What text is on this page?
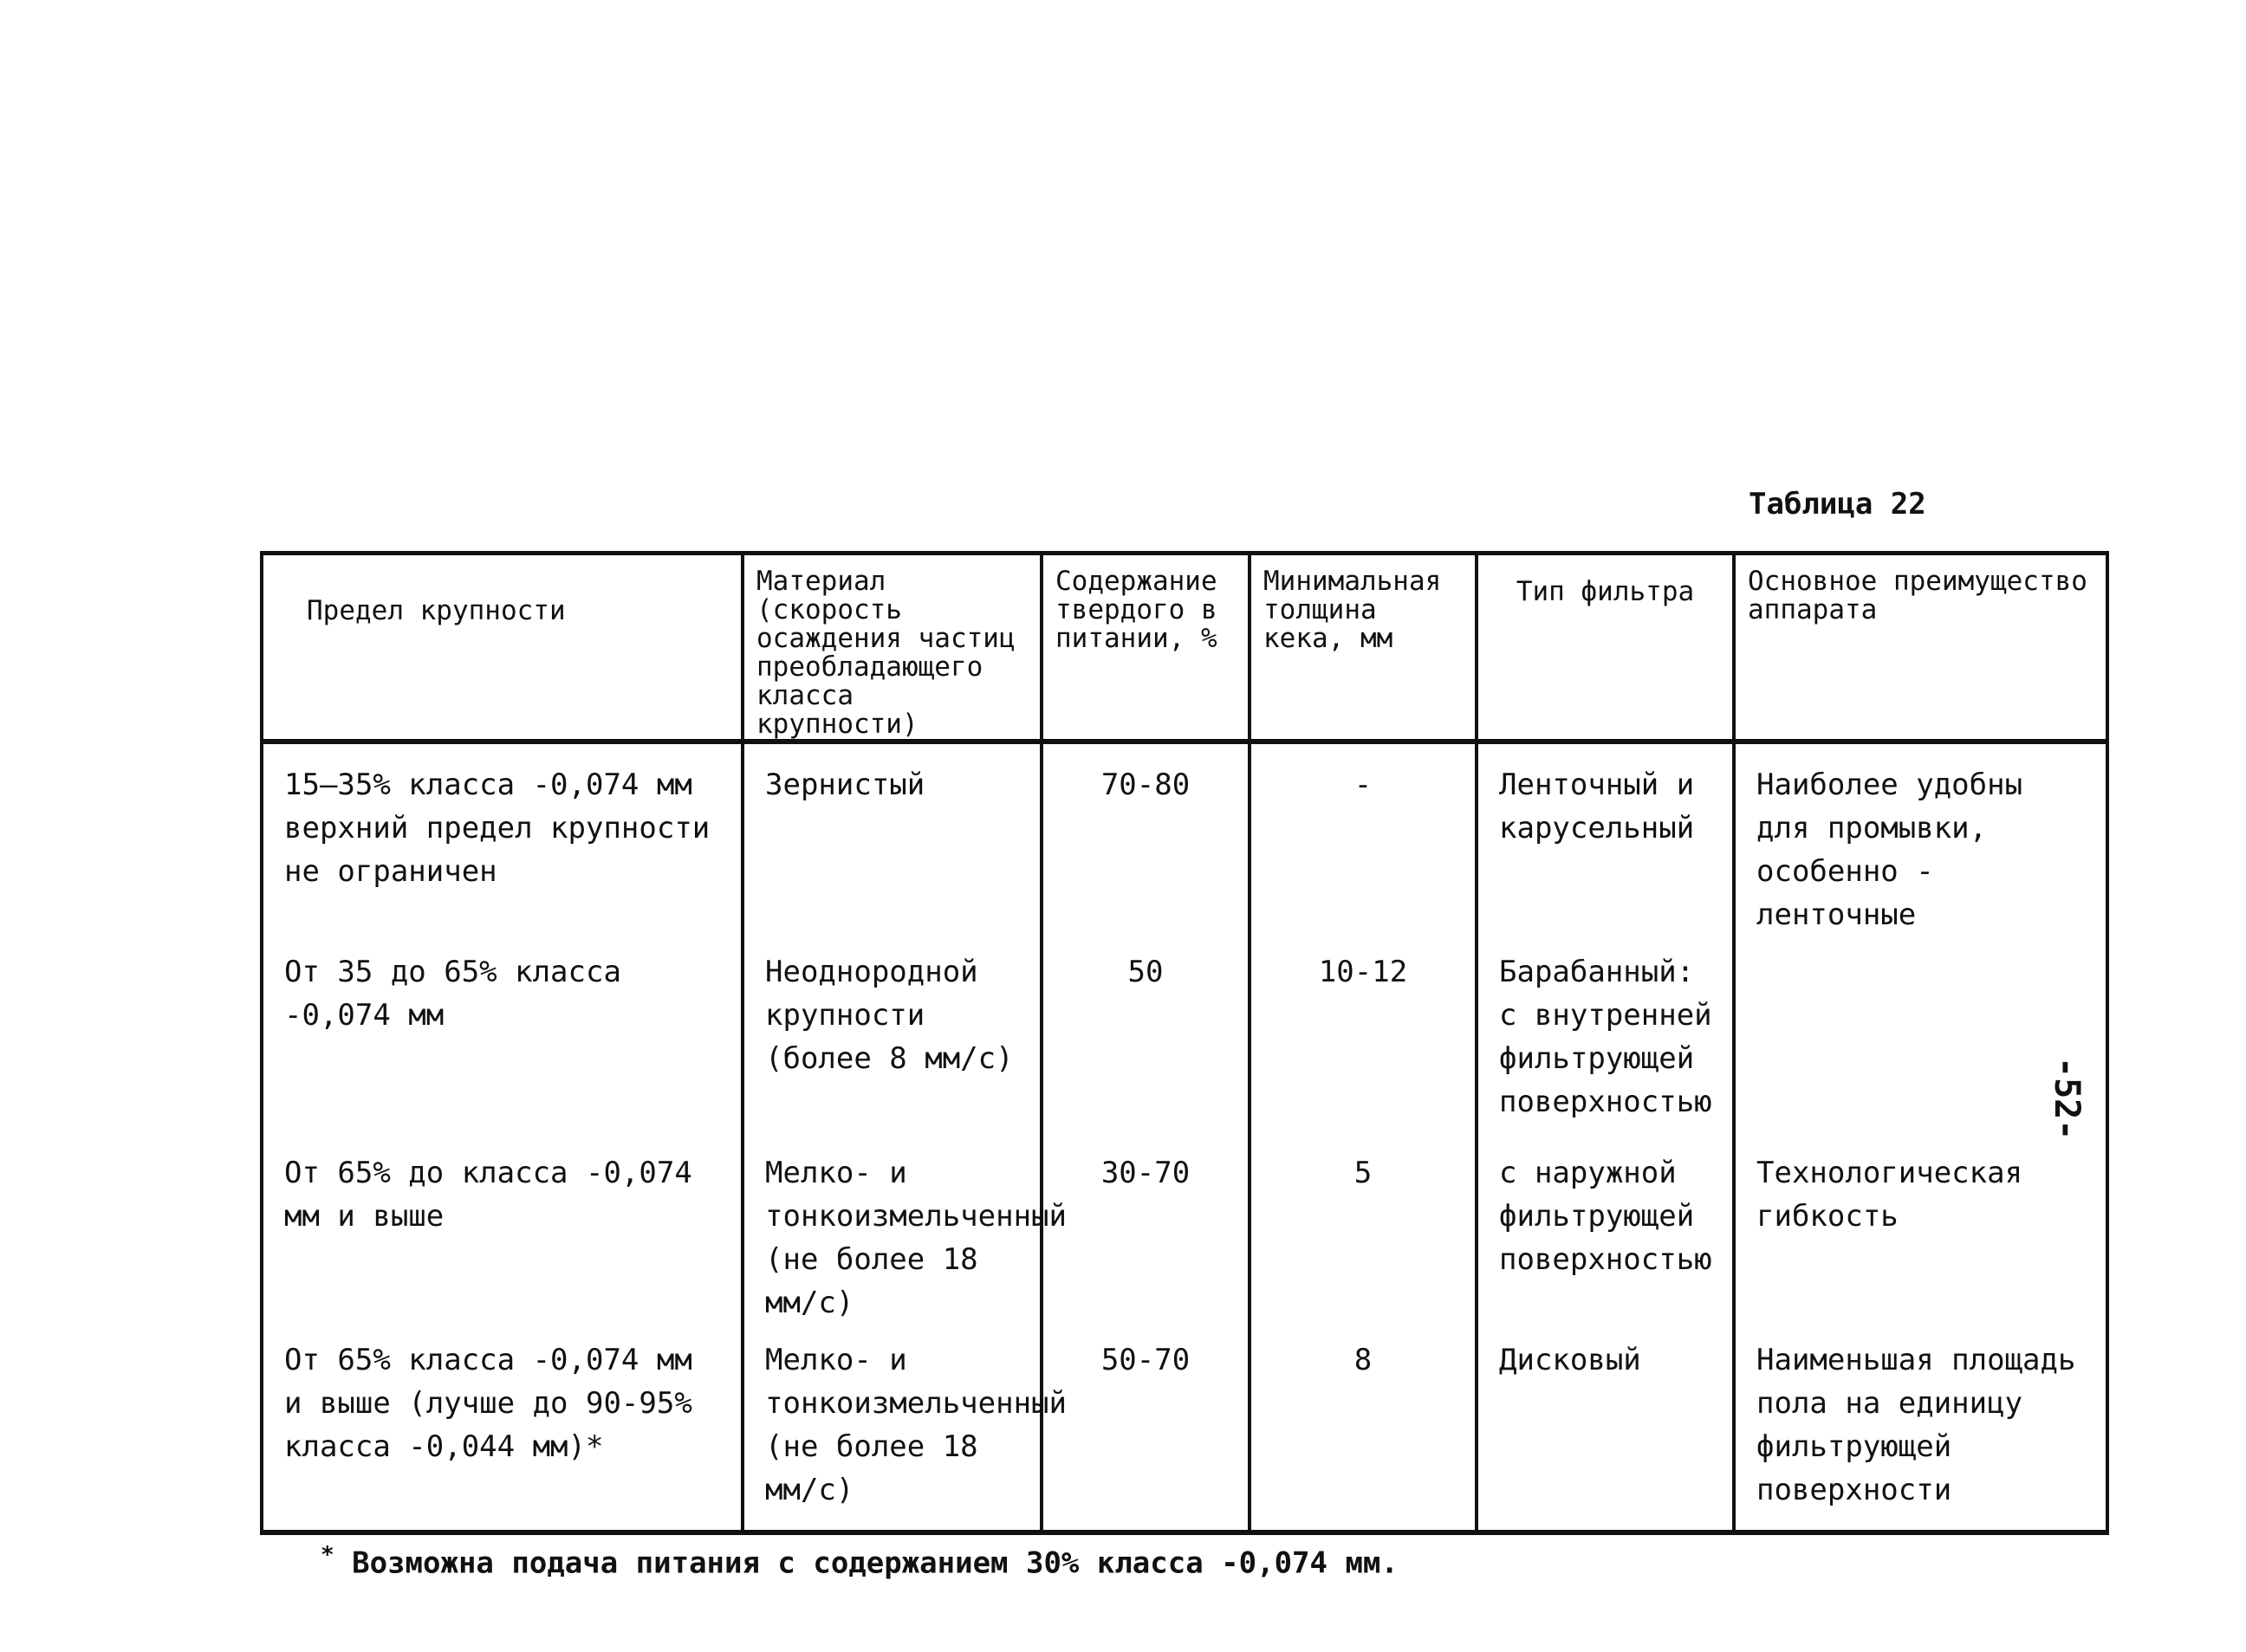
Таблица 22
Предел крупности	Материал (скорость осаждения частиц преобладающего класса крупности)	Содержание твердого в питании, %	Минимальная толщина кека, мм	Тип фильтра	Основное преимущество аппарата
15–35% класса -0,074 мм верхний предел крупности не ограничен	Зернистый	70-80	-	Ленточный и карусельный	Наиболее удобны для промывки, особенно - ленточные
От 35 до 65% класса -0,074 мм	Неоднородной крупности (более 8 мм/с)	50	10-12	Барабанный: с внутренней фильтрующей поверхностью	
От 65% до класса -0,074 мм и выше	Мелко- и тонкоизмельченный (не более 18 мм/с)	30-70	5	с наружной фильтрующей поверхностью	Технологическая гибкость
От 65% класса -0,074 мм и выше (лучше до 90-95% класса -0,044 мм)*	Мелко- и тонкоизмельченный (не более 18 мм/с)	50-70	8	Дисковый	Наименьшая площадь пола на единицу фильтрующей поверхности
* Возможна подача питания с содержанием 30% класса -0,074 мм.
-52-
